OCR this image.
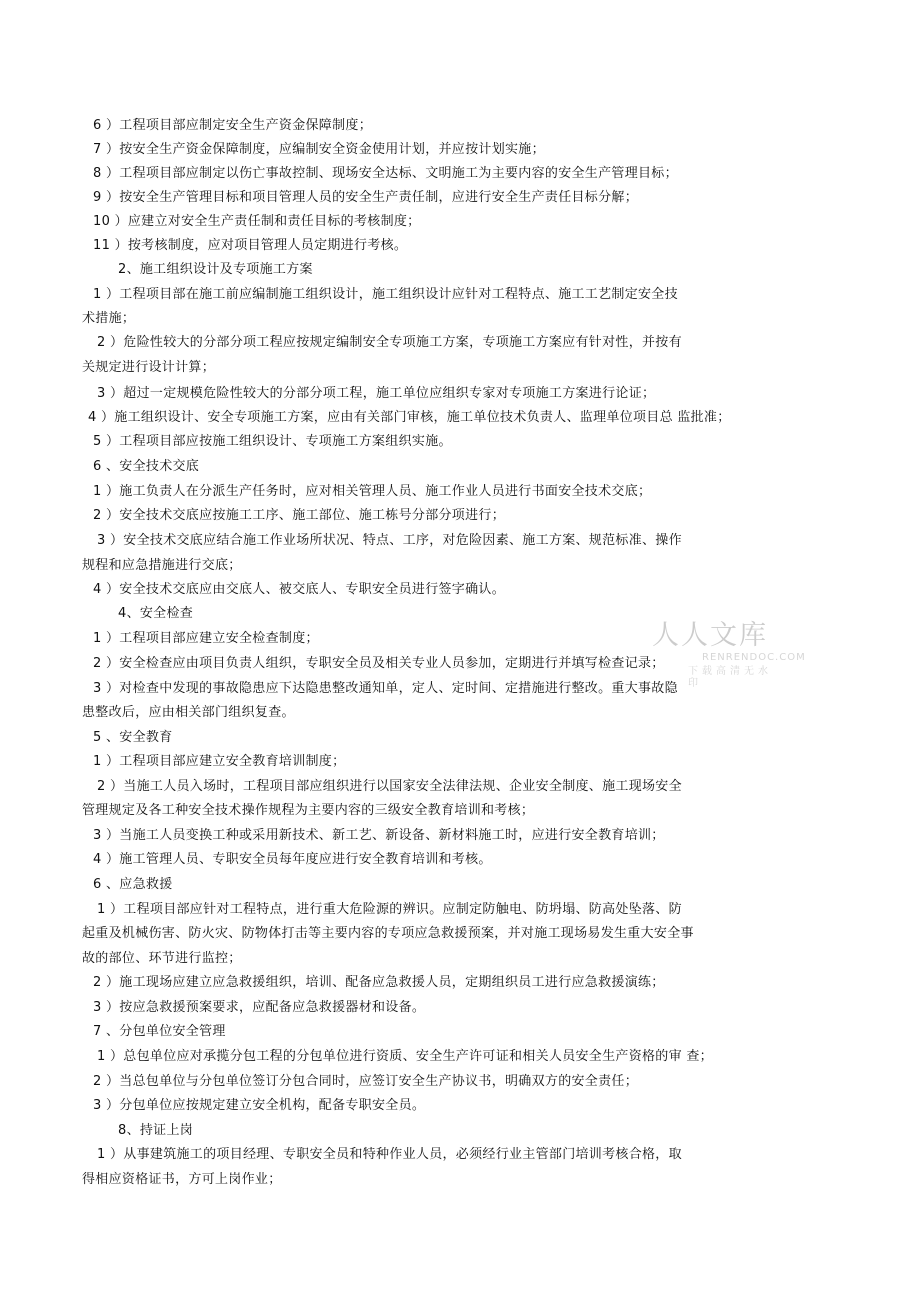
人人文库
RENRENDOC.COM
下载高清无水印

6 ）工程项目部应制定安全生产资金保障制度；

7 ）按安全生产资金保障制度，应编制安全资金使用计划，并应按计划实施；

8 ）工程项目部应制定以伤亡事故控制、现场安全达标、文明施工为主要内容的安全生产管理目标；

9 ）按安全生产管理目标和项目管理人员的安全生产责任制，应进行安全生产责任目标分解；

10 ）应建立对安全生产责任制和责任目标的考核制度；

11 ）按考核制度，应对项目管理人员定期进行考核。

2、施工组织设计及专项施工方案

1 ）工程项目部在施工前应编制施工组织设计，施工组织设计应针对工程特点、施工工艺制定安全技

术措施；

2 ）危险性较大的分部分项工程应按规定编制安全专项施工方案，专项施工方案应有针对性，并按有

关规定进行设计计算；

3 ）超过一定规模危险性较大的分部分项工程，施工单位应组织专家对专项施工方案进行论证；

4 ）施工组织设计、安全专项施工方案，应由有关部门审核，施工单位技术负责人、监理单位项目总 监批准；

5 ）工程项目部应按施工组织设计、专项施工方案组织实施。

6 、安全技术交底

1 ）施工负责人在分派生产任务时，应对相关管理人员、施工作业人员进行书面安全技术交底；

2 ）安全技术交底应按施工工序、施工部位、施工栋号分部分项进行；

3 ）安全技术交底应结合施工作业场所状况、特点、工序，对危险因素、施工方案、规范标准、操作

规程和应急措施进行交底；

4 ）安全技术交底应由交底人、被交底人、专职安全员进行签字确认。

4、安全检查

1 ）工程项目部应建立安全检查制度；

2 ）安全检查应由项目负责人组织，专职安全员及相关专业人员参加，定期进行并填写检查记录；

3 ）对检查中发现的事故隐患应下达隐患整改通知单，定人、定时间、定措施进行整改。重大事故隐

患整改后，应由相关部门组织复查。

5 、安全教育

1 ）工程项目部应建立安全教育培训制度；

2 ）当施工人员入场时，工程项目部应组织进行以国家安全法律法规、企业安全制度、施工现场安全

管理规定及各工种安全技术操作规程为主要内容的三级安全教育培训和考核；

3 ）当施工人员变换工种或采用新技术、新工艺、新设备、新材料施工时，应进行安全教育培训；

4 ）施工管理人员、专职安全员每年度应进行安全教育培训和考核。

6 、应急救援

1 ）工程项目部应针对工程特点，进行重大危险源的辨识。应制定防触电、防坍塌、防高处坠落、防

起重及机械伤害、防火灾、防物体打击等主要内容的专项应急救援预案，并对施工现场易发生重大安全事

故的部位、环节进行监控；

2 ）施工现场应建立应急救援组织，培训、配备应急救援人员，定期组织员工进行应急救援演练；

3 ）按应急救援预案要求，应配备应急救援器材和设备。

7 、分包单位安全管理

1 ）总包单位应对承揽分包工程的分包单位进行资质、安全生产许可证和相关人员安全生产资格的审 查；

2 ）当总包单位与分包单位签订分包合同时，应签订安全生产协议书，明确双方的安全责任；

3 ）分包单位应按规定建立安全机构，配备专职安全员。

8、持证上岗

1 ）从事建筑施工的项目经理、专职安全员和特种作业人员，必须经行业主管部门培训考核合格，取

得相应资格证书，方可上岗作业；
